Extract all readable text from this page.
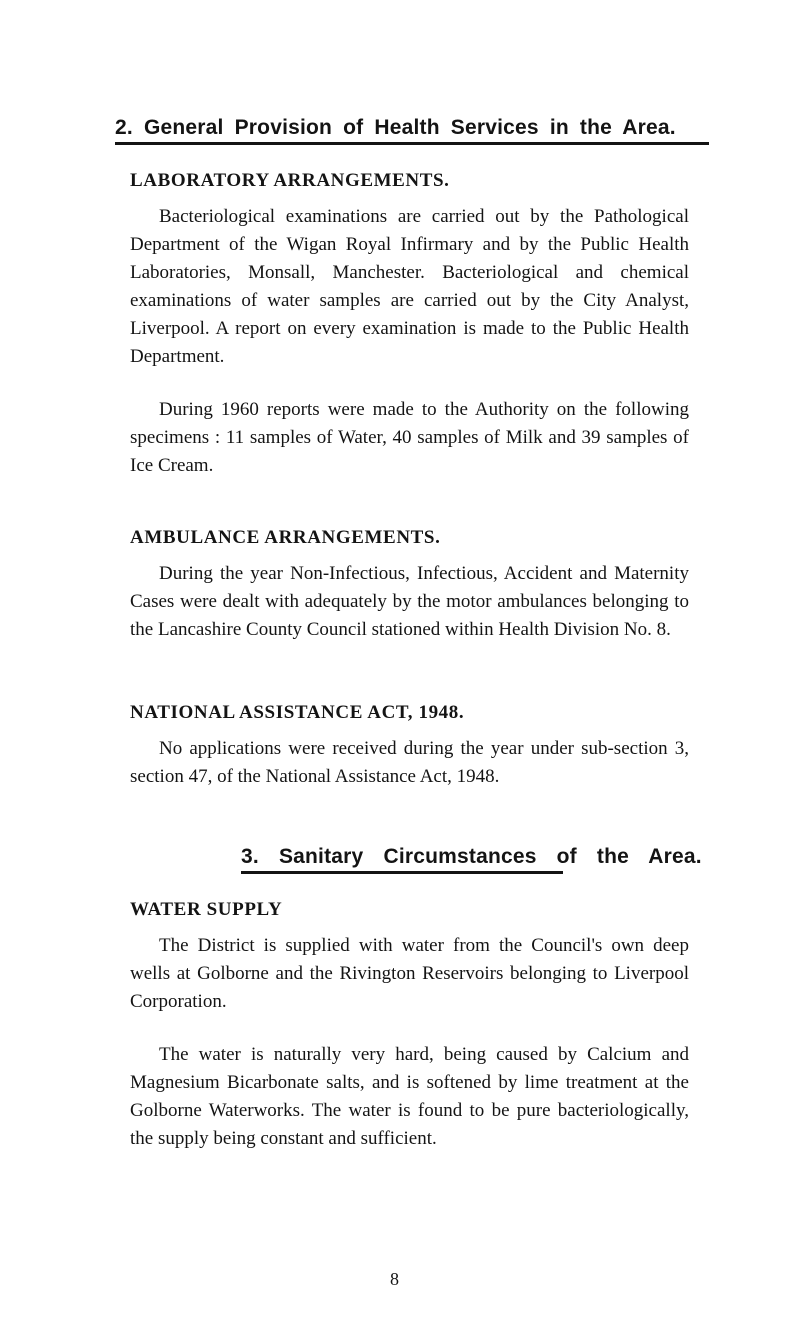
2. General Provision of Health Services in the Area.
LABORATORY ARRANGEMENTS.

Bacteriological examinations are carried out by the Pathological Department of the Wigan Royal Infirmary and by the Public Health Laboratories, Monsall, Manchester. Bacteriological and chemical examinations of water samples are carried out by the City Analyst, Liverpool. A report on every examination is made to the Public Health Department.

During 1960 reports were made to the Authority on the following specimens : 11 samples of Water, 40 samples of Milk and 39 samples of Ice Cream.

AMBULANCE ARRANGEMENTS.

During the year Non-Infectious, Infectious, Accident and Maternity Cases were dealt with adequately by the motor ambulances belonging to the Lancashire County Council stationed within Health Division No. 8.

NATIONAL ASSISTANCE ACT, 1948.

No applications were received during the year under sub-section 3, section 47, of the National Assistance Act, 1948.

3. Sanitary Circumstances of the Area.
WATER SUPPLY

The District is supplied with water from the Council's own deep wells at Golborne and the Rivington Reservoirs belonging to Liverpool Corporation.

The water is naturally very hard, being caused by Calcium and Magnesium Bicarbonate salts, and is softened by lime treatment at the Golborne Waterworks. The water is found to be pure bacteriologically, the supply being constant and sufficient.

8
